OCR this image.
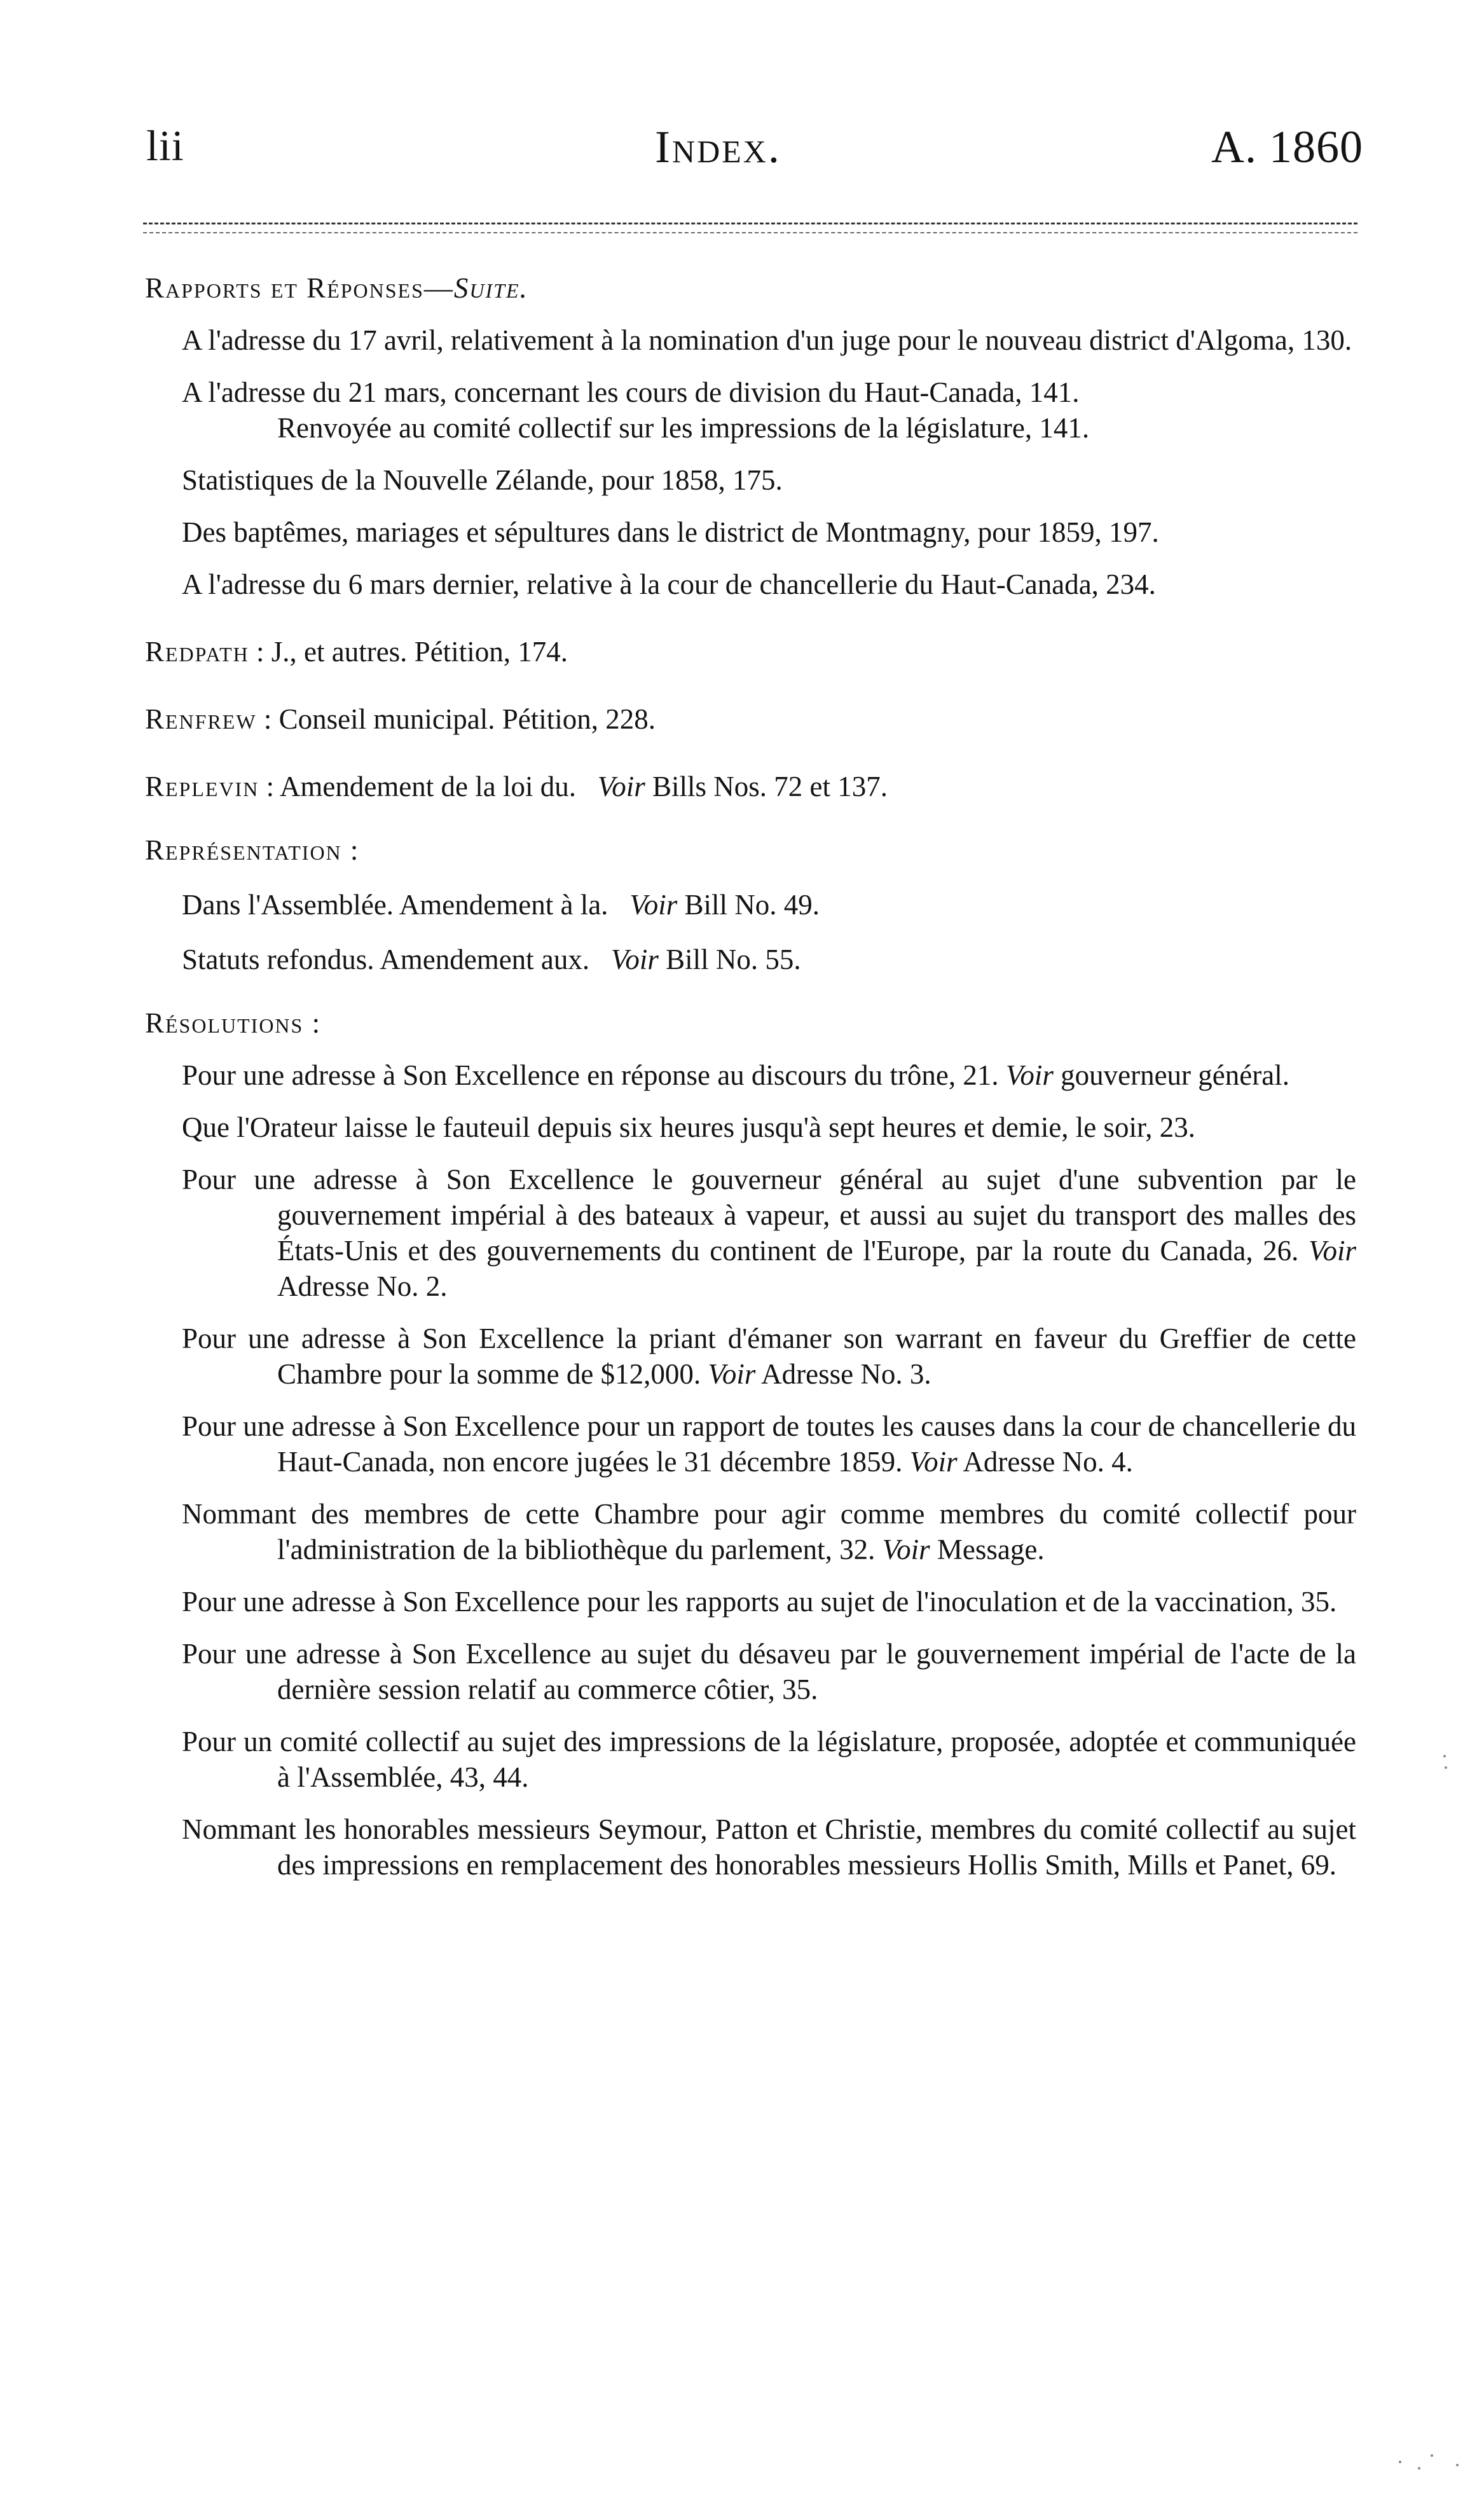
lii	Index.	A. 1860

Rapports et Réponses—Suite.

A l'adresse du 17 avril, relativement à la nomination d'un juge pour le nouveau district d'Algoma, 130.

A l'adresse du 21 mars, concernant les cours de division du Haut-Canada, 141.
Renvoyée au comité collectif sur les impressions de la législature, 141.

Statistiques de la Nouvelle Zélande, pour 1858, 175.

Des baptêmes, mariages et sépultures dans le district de Montmagny, pour 1859, 197.

A l'adresse du 6 mars dernier, relative à la cour de chancellerie du Haut-Canada, 234.

Redpath : J., et autres. Pétition, 174.

Renfrew : Conseil municipal. Pétition, 228.

Replevin : Amendement de la loi du. Voir Bills Nos. 72 et 137.

Représentation :

Dans l'Assemblée. Amendement à la. Voir Bill No. 49.

Statuts refondus. Amendement aux. Voir Bill No. 55.

Résolutions :

Pour une adresse à Son Excellence en réponse au discours du trône, 21. Voir gouverneur général.

Que l'Orateur laisse le fauteuil depuis six heures jusqu'à sept heures et demie, le soir, 23.

Pour une adresse à Son Excellence le gouverneur général au sujet d'une subvention par le gouvernement impérial à des bateaux à vapeur, et aussi au sujet du transport des malles des États-Unis et des gouvernements du continent de l'Europe, par la route du Canada, 26. Voir Adresse No. 2.

Pour une adresse à Son Excellence la priant d'émaner son warrant en faveur du Greffier de cette Chambre pour la somme de $12,000. Voir Adresse No. 3.

Pour une adresse à Son Excellence pour un rapport de toutes les causes dans la cour de chancellerie du Haut-Canada, non encore jugées le 31 décembre 1859. Voir Adresse No. 4.

Nommant des membres de cette Chambre pour agir comme membres du comité collectif pour l'administration de la bibliothèque du parlement, 32. Voir Message.

Pour une adresse à Son Excellence pour les rapports au sujet de l'inoculation et de la vaccination, 35.

Pour une adresse à Son Excellence au sujet du désaveu par le gouvernement impérial de l'acte de la dernière session relatif au commerce côtier, 35.

Pour un comité collectif au sujet des impressions de la législature, proposée, adoptée et communiquée à l'Assemblée, 43, 44.

Nommant les honorables messieurs Seymour, Patton et Christie, membres du comité collectif au sujet des impressions en remplacement des honorables messieurs Hollis Smith, Mills et Panet, 69.
